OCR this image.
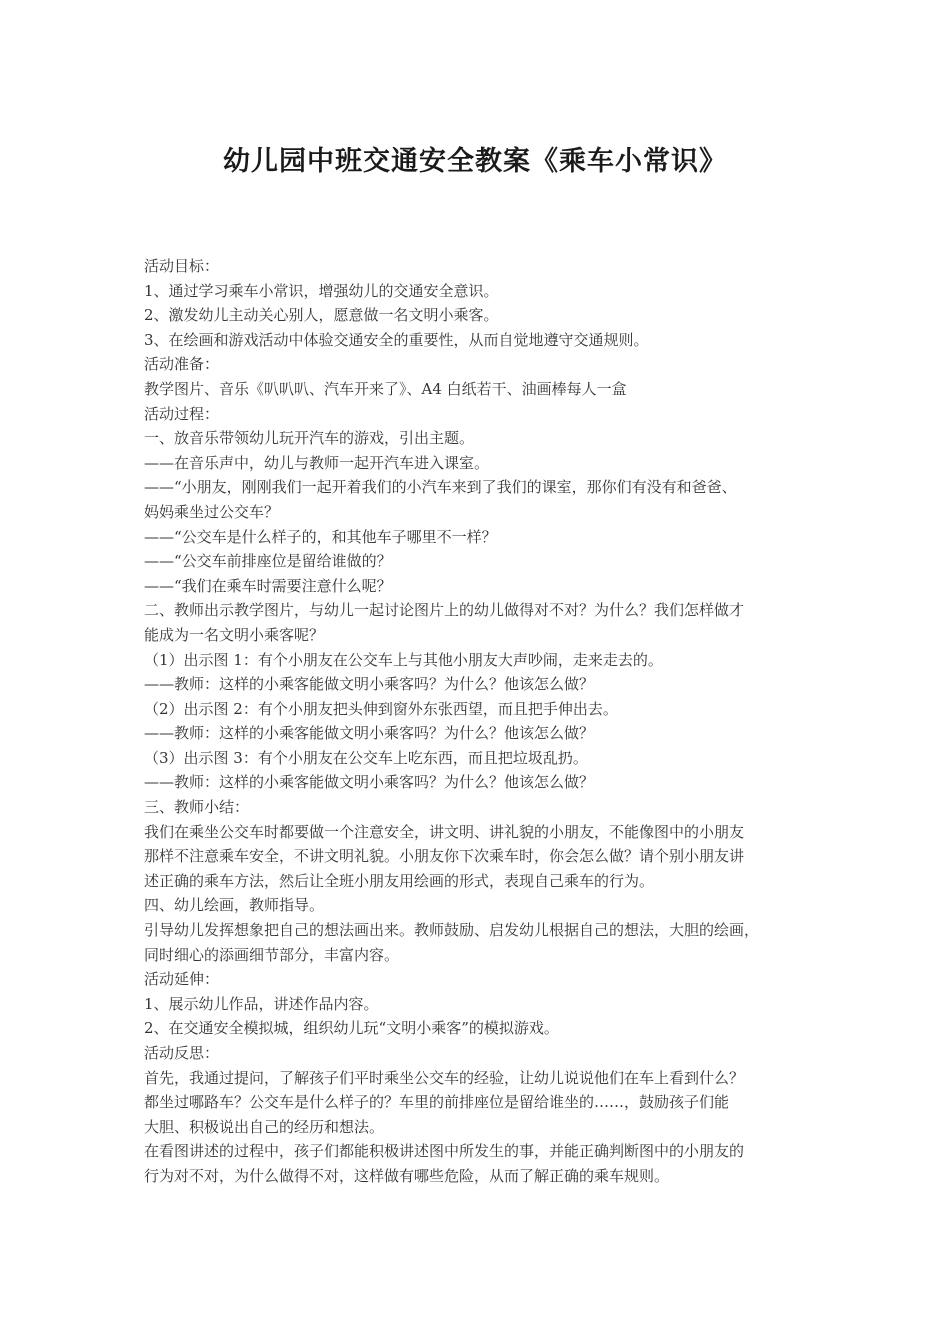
幼儿园中班交通安全教案《乘车小常识》

活动目标：

1、通过学习乘车小常识，增强幼儿的交通安全意识。

2、激发幼儿主动关心别人，愿意做一名文明小乘客。

3、在绘画和游戏活动中体验交通安全的重要性，从而自觉地遵守交通规则。

活动准备：

教学图片、音乐《叭叭叭、汽车开来了》、A4 白纸若干、油画棒每人一盒

活动过程：

一、放音乐带领幼儿玩开汽车的游戏，引出主题。

——在音乐声中，幼儿与教师一起开汽车进入课室。

——“小朋友，刚刚我们一起开着我们的小汽车来到了我们的课室，那你们有没有和爸爸、

妈妈乘坐过公交车？

——“公交车是什么样子的，和其他车子哪里不一样？

——“公交车前排座位是留给谁做的？

——“我们在乘车时需要注意什么呢？

二、教师出示教学图片，与幼儿一起讨论图片上的幼儿做得对不对？为什么？我们怎样做才

能成为一名文明小乘客呢？

（1）出示图 1：有个小朋友在公交车上与其他小朋友大声吵闹，走来走去的。

——教师：这样的小乘客能做文明小乘客吗？为什么？他该怎么做？

（2）出示图 2：有个小朋友把头伸到窗外东张西望，而且把手伸出去。

——教师：这样的小乘客能做文明小乘客吗？为什么？他该怎么做？

（3）出示图 3：有个小朋友在公交车上吃东西，而且把垃圾乱扔。

——教师：这样的小乘客能做文明小乘客吗？为什么？他该怎么做？

三、教师小结：

我们在乘坐公交车时都要做一个注意安全，讲文明、讲礼貌的小朋友，不能像图中的小朋友

那样不注意乘车安全，不讲文明礼貌。小朋友你下次乘车时，你会怎么做？请个别小朋友讲

述正确的乘车方法，然后让全班小朋友用绘画的形式，表现自己乘车的行为。

四、幼儿绘画，教师指导。

引导幼儿发挥想象把自己的想法画出来。教师鼓励、启发幼儿根据自己的想法，大胆的绘画，

同时细心的添画细节部分，丰富内容。

活动延伸：

1、展示幼儿作品，讲述作品内容。

2、在交通安全模拟城，组织幼儿玩“文明小乘客”的模拟游戏。

活动反思：

首先，我通过提问，了解孩子们平时乘坐公交车的经验，让幼儿说说他们在车上看到什么？

都坐过哪路车？公交车是什么样子的？车里的前排座位是留给谁坐的……，鼓励孩子们能

大胆、积极说出自己的经历和想法。

在看图讲述的过程中，孩子们都能积极讲述图中所发生的事，并能正确判断图中的小朋友的

行为对不对，为什么做得不对，这样做有哪些危险，从而了解正确的乘车规则。
